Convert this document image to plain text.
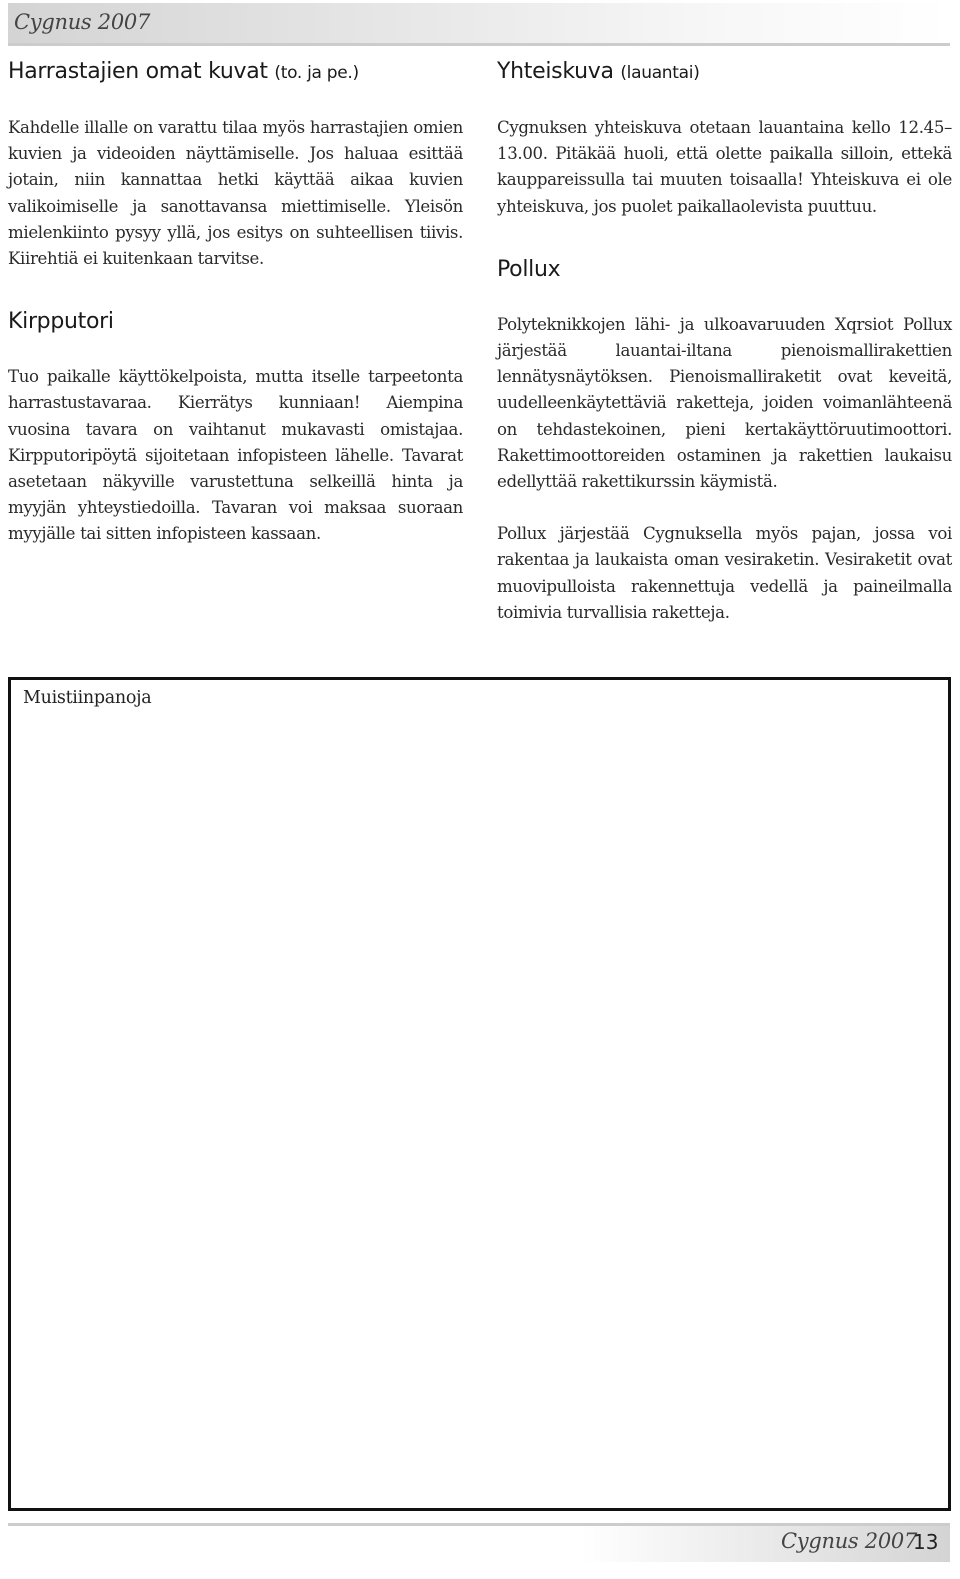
Cygnus 2007
Harrastajien omat kuvat (to. ja pe.)

Kahdelle illalle on varattu tilaa myös harrastajien omien kuvien ja videoiden näyttämiselle. Jos haluaa esittää jotain, niin kannattaa hetki käyttää aikaa kuvien valikoimiselle ja sanottavansa miettimiselle. Yleisön mielenkiinto pysyy yllä, jos esitys on suhteellisen tiivis. Kiirehtiä ei kuitenkaan tarvitse.

Kirpputori

Tuo paikalle käyttökelpoista, mutta itselle tarpeetonta harrastustavaraa. Kierrätys kunniaan! Aiempina vuosina tavara on vaihtanut mukavasti omistajaa. Kirpputoripöytä sijoitetaan infopisteen lähelle. Tavarat asetetaan näkyville varustettuna selkeillä hinta ja myyjän yhteystiedoilla. Tavaran voi maksaa suoraan myyjälle tai sitten infopisteen kassaan.

Yhteiskuva (lauantai)

Cygnuksen yhteiskuva otetaan lauantaina kello 12.45–13.00. Pitäkää huoli, että olette paikalla silloin, ettekä kauppareissulla tai muuten toisaalla! Yhteiskuva ei ole yhteiskuva, jos puolet paikallaolevista puuttuu.

Pollux

Polyteknikkojen lähi- ja ulkoavaruuden Xqrsiot Pollux järjestää lauantai-iltana pienoismallirakettien lennätysnäytöksen. Pienoismalliraketit ovat keveitä, uudelleenkäytettäviä raketteja, joiden voimanlähteenä on tehdastekoinen, pieni kertakäyttöruutimoottori. Rakettimoottoreiden ostaminen ja rakettien laukaisu edellyttää rakettikurssin käymistä.

Pollux järjestää Cygnuksella myös pajan, jossa voi rakentaa ja laukaista oman vesiraketin. Vesiraketit ovat muovipulloista rakennettuja vedellä ja paineilmalla toimivia turvallisia raketteja.

Muistiinpanoja
Cygnus 2007
13
